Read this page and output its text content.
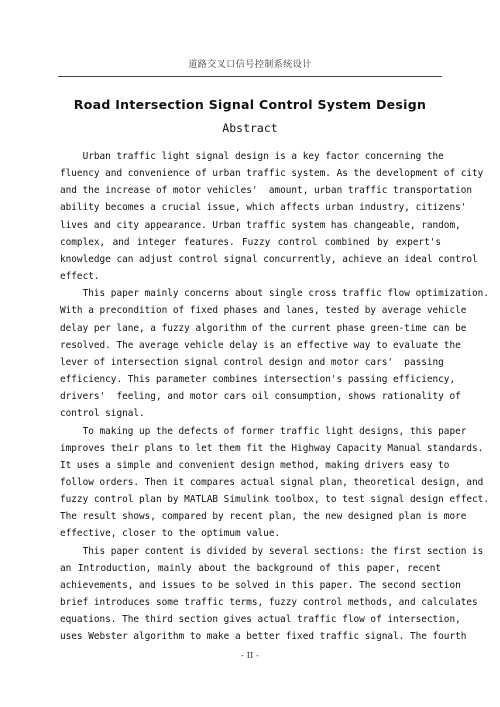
道路交叉口信号控制系统设计
Road Intersection Signal Control System Design
Abstract
Urban traffic light signal design is a key factor concerning the
fluency and convenience of urban traffic system. As the development of city
and the increase of motor vehicles'  amount, urban traffic transportation
ability becomes a crucial issue, which affects urban industry, citizens'
lives and city appearance. Urban traffic system has changeable, random,
complex, and integer features. Fuzzy control combined by expert's
knowledge can adjust control signal concurrently, achieve an ideal control
effect.
This paper mainly concerns about single cross traffic flow optimization.
With a precondition of fixed phases and lanes, tested by average vehicle
delay per lane, a fuzzy algorithm of the current phase green-time can be
resolved. The average vehicle delay is an effective way to evaluate the
lever of intersection signal control design and motor cars'  passing
efficiency. This parameter combines intersection's passing efficiency,
drivers'  feeling, and motor cars oil consumption, shows rationality of
control signal.
To making up the defects of former traffic light designs, this paper
improves their plans to let them fit the Highway Capacity Manual standards.
It uses a simple and convenient design method, making drivers easy to
follow orders. Then it compares actual signal plan, theoretical design, and
fuzzy control plan by MATLAB Simulink toolbox, to test signal design effect.
The result shows, compared by recent plan, the new designed plan is more
effective, closer to the optimum value.
This paper content is divided by several sections: the first section is
an Introduction, mainly about the background of this paper, recent
achievements, and issues to be solved in this paper. The second section
brief introduces some traffic terms, fuzzy control methods, and calculates
equations. The third section gives actual traffic flow of intersection,
uses Webster algorithm to make a better fixed traffic signal. The fourth
- II -
